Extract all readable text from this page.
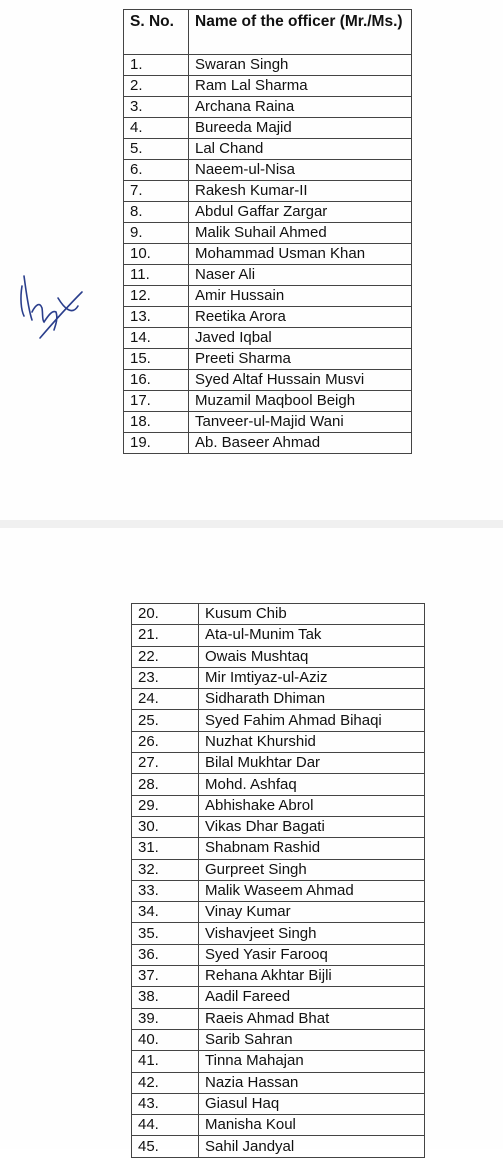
S. No.	Name of the officer (Mr./Ms.)
1.	Swaran Singh
2.	Ram Lal Sharma
3.	Archana Raina
4.	Bureeda Majid
5.	Lal Chand
6.	Naeem-ul-Nisa
7.	Rakesh Kumar-II
8.	Abdul Gaffar Zargar
9.	Malik Suhail Ahmed
10.	Mohammad Usman Khan
11.	Naser Ali
12.	Amir Hussain
13.	Reetika Arora
14.	Javed Iqbal
15.	Preeti Sharma
16.	Syed Altaf Hussain Musvi
17.	Muzamil Maqbool Beigh
18.	Tanveer-ul-Majid Wani
19.	Ab. Baseer Ahmad
20.	Kusum Chib
21.	Ata-ul-Munim Tak
22.	Owais Mushtaq
23.	Mir Imtiyaz-ul-Aziz
24.	Sidharath Dhiman
25.	Syed Fahim Ahmad Bihaqi
26.	Nuzhat Khurshid
27.	Bilal Mukhtar Dar
28.	Mohd. Ashfaq
29.	Abhishake Abrol
30.	Vikas Dhar Bagati
31.	Shabnam Rashid
32.	Gurpreet Singh
33.	Malik Waseem Ahmad
34.	Vinay Kumar
35.	Vishavjeet Singh
36.	Syed Yasir Farooq
37.	Rehana Akhtar Bijli
38.	Aadil Fareed
39.	Raeis Ahmad Bhat
40.	Sarib Sahran
41.	Tinna Mahajan
42.	Nazia Hassan
43.	Giasul Haq
44.	Manisha Koul
45.	Sahil Jandyal
